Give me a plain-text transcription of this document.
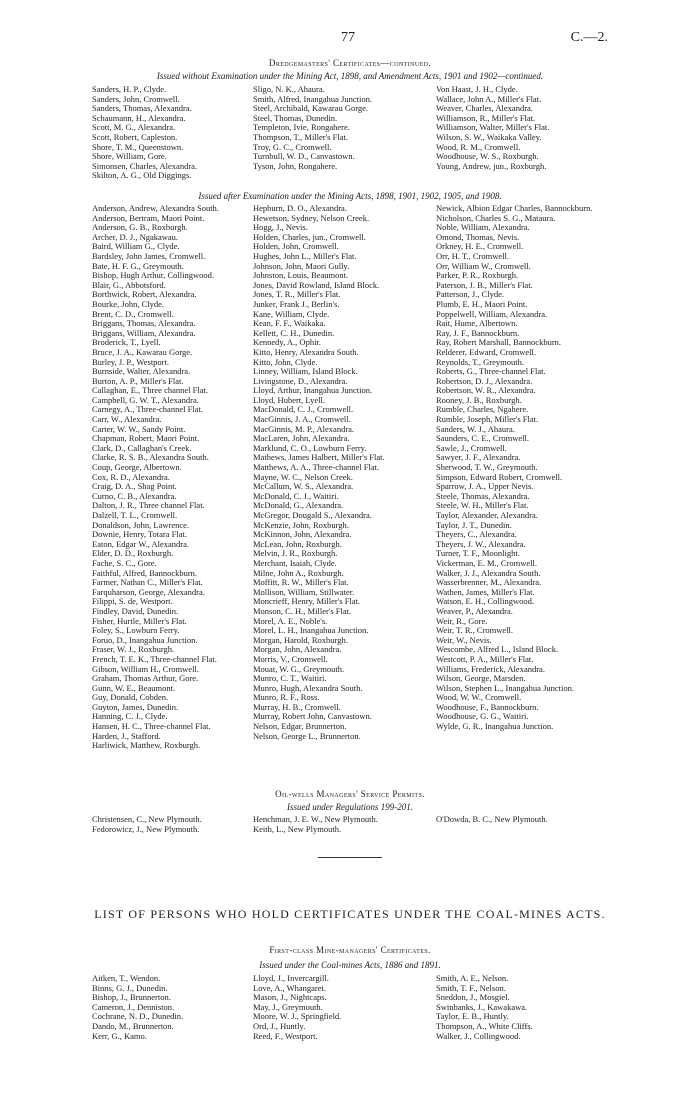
77	C.—2.
Dredgemasters' Certificates—continued.
Issued without Examination under the Mining Act, 1898, and Amendment Acts, 1901 and 1902—continued.
Sanders, H. P., Clyde.
Sanders, John, Cromwell.
Sanders, Thomas, Alexandra.
Schaumann, H., Alexandra.
Scott, M. G., Alexandra.
Scott, Robert, Capleston.
Shore, T. M., Queenstown.
Shore, William, Gore.
Simonsen, Charles, Alexandra.
Skilton, A. G., Old Diggings.
Sligo, N. K., Ahaura.
Smith, Alfred, Inangahua Junction.
Steel, Archibald, Kawarau Gorge.
Steel, Thomas, Dunedin.
Templeton, Ivie, Rongahere.
Thompson, T., Miller's Flat.
Troy, G. C., Cromwell.
Turnbull, W. D., Canvastown.
Tyson, John, Rongahere.
Von Haast, J. H., Clyde.
Wallace, John A., Miller's Flat.
Weaver, Charles, Alexandra.
Williamson, R., Miller's Flat.
Williamson, Walter, Miller's Flat.
Wilson, S. W., Waikaka Valley.
Wood, R. M., Cromwell.
Woodhouse, W. S., Roxburgh.
Young, Andrew, jun., Roxburgh.
Issued after Examination under the Mining Acts, 1898, 1901, 1902, 1905, and 1908.
Anderson, Andrew, Alexandra South.
Anderson, Bertram, Maori Point.
Anderson, G. B., Roxburgh.
Archer, D. J., Ngakawau.
Baird, William G., Clyde.
Bardsley, John James, Cromwell.
Bate, H. F. G., Greymouth.
Bishop, Hugh Arthur, Collingwood.
Blair, G., Abbotsford.
Borthwick, Robert, Alexandra.
Bourke, John, Clyde.
Brent, C. D., Cromwell.
Briggans, Thomas, Alexandra.
Briggans, William, Alexandra.
Broderick, T., Lyell.
Bruce, J. A., Kawarau Gorge.
Burley, J. P., Westport.
Burnside, Walter, Alexandra.
Burton, A. P., Miller's Flat.
Callaghan, E., Three channel Flat.
Campbell, G. W. T., Alexandra.
Carnegy, A., Three-channel Flat.
Carr, W., Alexandra.
Carter, W. W., Sandy Point.
Chapman, Robert, Maori Point.
Clark, D., Callaghan's Creek.
Clarke, R. S. B., Alexandra South.
Coup, George, Albertown.
Cox, R. D., Alexandra.
Craig, D. A., Shag Point.
Curno, C. B., Alexandra.
Dalton, J. R., Three channel Flat.
Dalzell, T. L., Cromwell.
Donaldson, John, Lawrence.
Downie, Henry, Totara Flat.
Eaton, Edgar W., Alexandra.
Elder, D. D., Roxburgh.
Fache, S. C., Gore.
Faithful, Alfred, Bannockburn.
Farmer, Nathan C., Miller's Flat.
Farquharson, George, Alexandra.
Filippi, S. de, Westport.
Findley, David, Dunedin.
Fisher, Hurtle, Miller's Flat.
Foley, S., Lowburn Ferry.
Foruo, D., Inangahua Junction.
Fraser, W. J., Roxburgh.
French, T. E. K., Three-channel Flat.
Gibson, William H., Cromwell.
Graham, Thomas Arthur, Gore.
Gunn, W. E., Beaumont.
Guy, Donald, Cobden.
Guyton, James, Dunedin.
Hanning, C. J., Clyde.
Hansen, H. C., Three-channel Flat.
Harden, J., Stafford.
Harliwick, Matthew, Roxburgh.
Hepburn, D. O., Alexandra.
Hewetson, Sydney, Nelson Creek.
Hogg, J., Nevis.
Holden, Charles, jun., Cromwell.
Holden, John, Cromwell.
Hughes, John L., Miller's Flat.
Johnson, John, Maori Gully.
Johnston, Louis, Beaumont.
Jones, David Rowland, Island Block.
Jones, T. R., Miller's Flat.
Junker, Frank J., Berlin's.
Kane, William, Clyde.
Kean, F. F., Waikaka.
Kellett, C. H., Dunedin.
Kennedy, A., Ophir.
Kitto, Henry, Alexandra South.
Kitto, John, Clyde.
Linney, William, Island Block.
Livingstone, D., Alexandra.
Lloyd, Arthur, Inangahua Junction.
Lloyd, Hubert, Lyell.
MacDonald, C. J., Cromwell.
MacGinnis, J. A., Cromwell.
MacGinnis, M. P., Alexandra.
MacLaren, John, Alexandra.
Marklund, C. O., Lowburn Ferry.
Mathews, James Halbert, Miller's Flat.
Matthews, A. A., Three-channel Flat.
Mayne, W. C., Nelson Creek.
McCallum, W. S., Alexandra.
McDonald, C. J., Waitiri.
McDonald, G., Alexandra.
McGregor, Dougald S., Alexandra.
McKenzie, John, Roxburgh.
McKinnon, John, Alexandra.
McLean, John, Roxburgh.
Melvin, J. R., Roxburgh.
Merchant, Isaiah, Clyde.
Milne, John A., Roxburgh.
Moffitt, R. W., Miller's Flat.
Mollison, William, Stillwater.
Moncrieff, Henry, Miller's Flat.
Monson, C. H., Miller's Flat.
Morel, A. E., Noble's.
Morel, L. H., Inangahua Junction.
Morgan, Harold, Roxburgh.
Morgan, John, Alexandra.
Morris, V., Cromwell.
Mouat, W. G., Greymouth.
Munro, C. T., Waitiri.
Munro, Hugh, Alexandra South.
Munro, R. F., Ross.
Murray, H. B., Cromwell.
Murray, Robert John, Canvastown.
Nelson, Edgar, Brunnerton.
Nelson, George L., Brunnerton.
Newick, Albion Edgar Charles, Bannockburn.
Nicholson, Charles S. G., Mataura.
Noble, William, Alexandra.
Omond, Thomas, Nevis.
Orkney, H. E., Cromwell.
Orr, H. T., Cromwell.
Orr, William W., Cromwell.
Parker, P. R., Roxburgh.
Paterson, J. B., Miller's Flat.
Patterson, J., Clyde.
Plumb, E. H., Maori Point.
Poppelwell, William, Alexandra.
Rait, Hume, Albertown.
Ray, J. F., Bannockburn.
Ray, Robert Marshall, Bannockburn.
Relderer, Edward, Cromwell.
Reynolds, T., Greymouth.
Roberts, G., Three-channel Flat.
Robertson, D. J., Alexandra.
Robertson, W. R., Alexandra.
Rooney, J. B., Roxburgh.
Rumble, Charles, Ngahere.
Rumble, Joseph, Miller's Flat.
Sanders, W. J., Ahaura.
Saunders, C. E., Cromwell.
Sawle, J., Cromwell.
Sawyer, J. F., Alexandra.
Sherwood, T. W., Greymouth.
Simpson, Edward Robert, Cromwell.
Sparrow, J. A., Upper Nevis.
Steele, Thomas, Alexandra.
Steele, W. H., Miller's Flat.
Taylor, Alexander, Alexandra.
Taylor, J. T., Dunedin.
Theyers, C., Alexandra.
Theyers, J. W., Alexandra.
Turner, T. F., Moonlight.
Vickerman, E. M., Cromwell.
Walker, J. J., Alexandra South.
Wasserbrenner, M., Alexandra.
Wathen, James, Miller's Flat.
Watson, E. H., Collingwood.
Weaver, P., Alexandra.
Weir, R., Gore.
Weir, T. R., Cromwell.
Weir, W., Nevis.
Wescombe, Alfred L., Island Block.
Westcott, P. A., Miller's Flat.
Williams, Frederick, Alexandra.
Wilson, George, Marsden.
Wilson, Stephen L., Inangahua Junction.
Wood, W. W., Cromwell.
Woodhouse, F., Bannockburn.
Woodhouse, G. G., Waitiri.
Wylde, G. R., Inangahua Junction.
Oil-wells Managers' Service Permits.
Issued under Regulations 199-201.
Christensen, C., New Plymouth.
Fedorowicz, J., New Plymouth.
Henchman, J. E. W., New Plymouth.
Keith, L., New Plymouth.
O'Dowda, B. C., New Plymouth.
LIST OF PERSONS WHO HOLD CERTIFICATES UNDER THE COAL-MINES ACTS.
First-class Mine-managers' Certificates.
Issued under the Coal-mines Acts, 1886 and 1891.
Aitken, T., Wendon.
Binns, G. J., Dunedin.
Bishop, J., Brunnerton.
Cameron, J., Denniston.
Cochrane, N. D., Dunedin.
Dando, M., Brunnerton.
Kerr, G., Kamo.
Lloyd, J., Invercargill.
Love, A., Whangarei.
Mason, J., Nightcaps.
May, J., Greymouth.
Moore, W. J., Springfield.
Ord, J., Huntly.
Reed, F., Westport.
Smith, A. E., Nelson.
Smith, T. F., Nelson.
Sneddon, J., Mosgiel.
Swinbanks, J., Kawakawa.
Taylor, E. B., Huntly.
Thompson, A., White Cliffs.
Walker, J., Collingwood.
